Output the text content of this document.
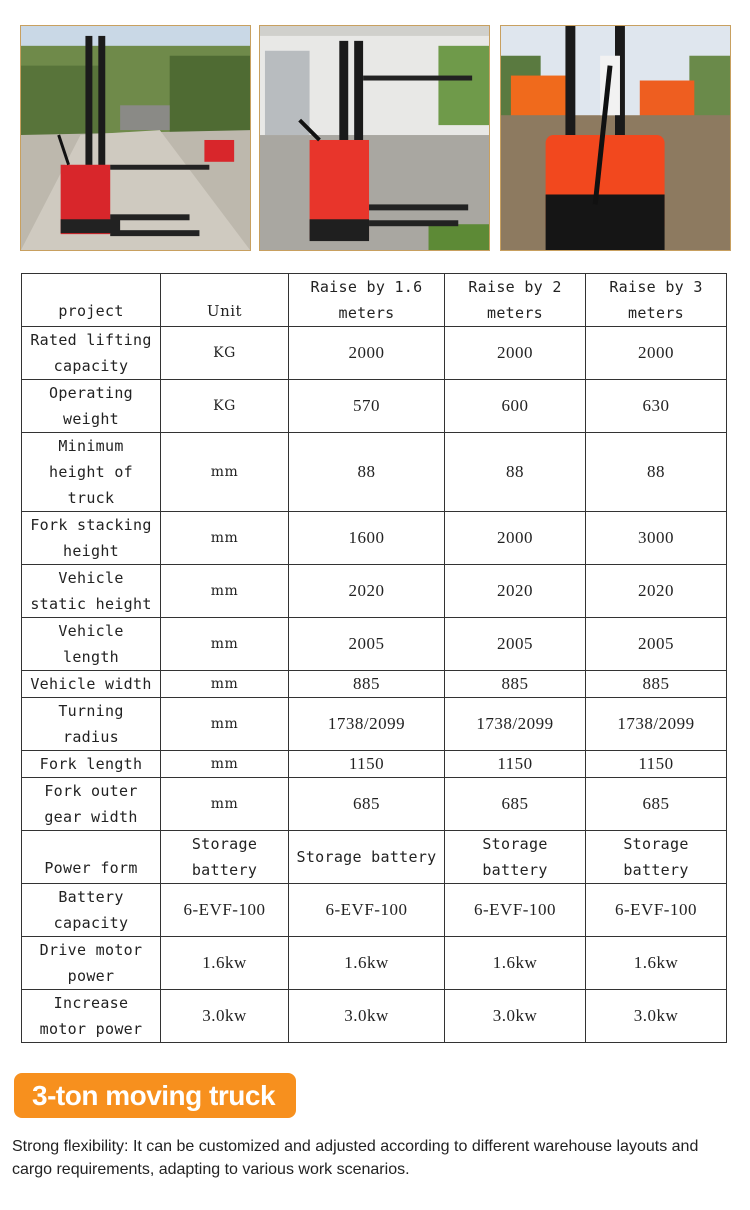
project	Unit	Raise by 1.6 meters	Raise by 2 meters	Raise by 3 meters
Rated lifting capacity	KG	2000	2000	2000
Operating weight	KG	570	600	630
Minimum height of truck	mm	88	88	88
Fork stacking height	mm	1600	2000	3000
Vehicle static height	mm	2020	2020	2020
Vehicle length	mm	2005	2005	2005
Vehicle width	mm	885	885	885
Turning radius	mm	1738/2099	1738/2099	1738/2099
Fork length	mm	1150	1150	1150
Fork outer gear width	mm	685	685	685
Power form	Storage battery	Storage battery	Storage battery	Storage battery
Battery capacity	6-EVF-100	6-EVF-100	6-EVF-100	6-EVF-100
Drive motor power	1.6kw	1.6kw	1.6kw	1.6kw
Increase motor power	3.0kw	3.0kw	3.0kw	3.0kw
3-ton moving truck
Strong flexibility: It can be customized and adjusted according to different warehouse layouts and cargo requirements, adapting to various work scenarios.
